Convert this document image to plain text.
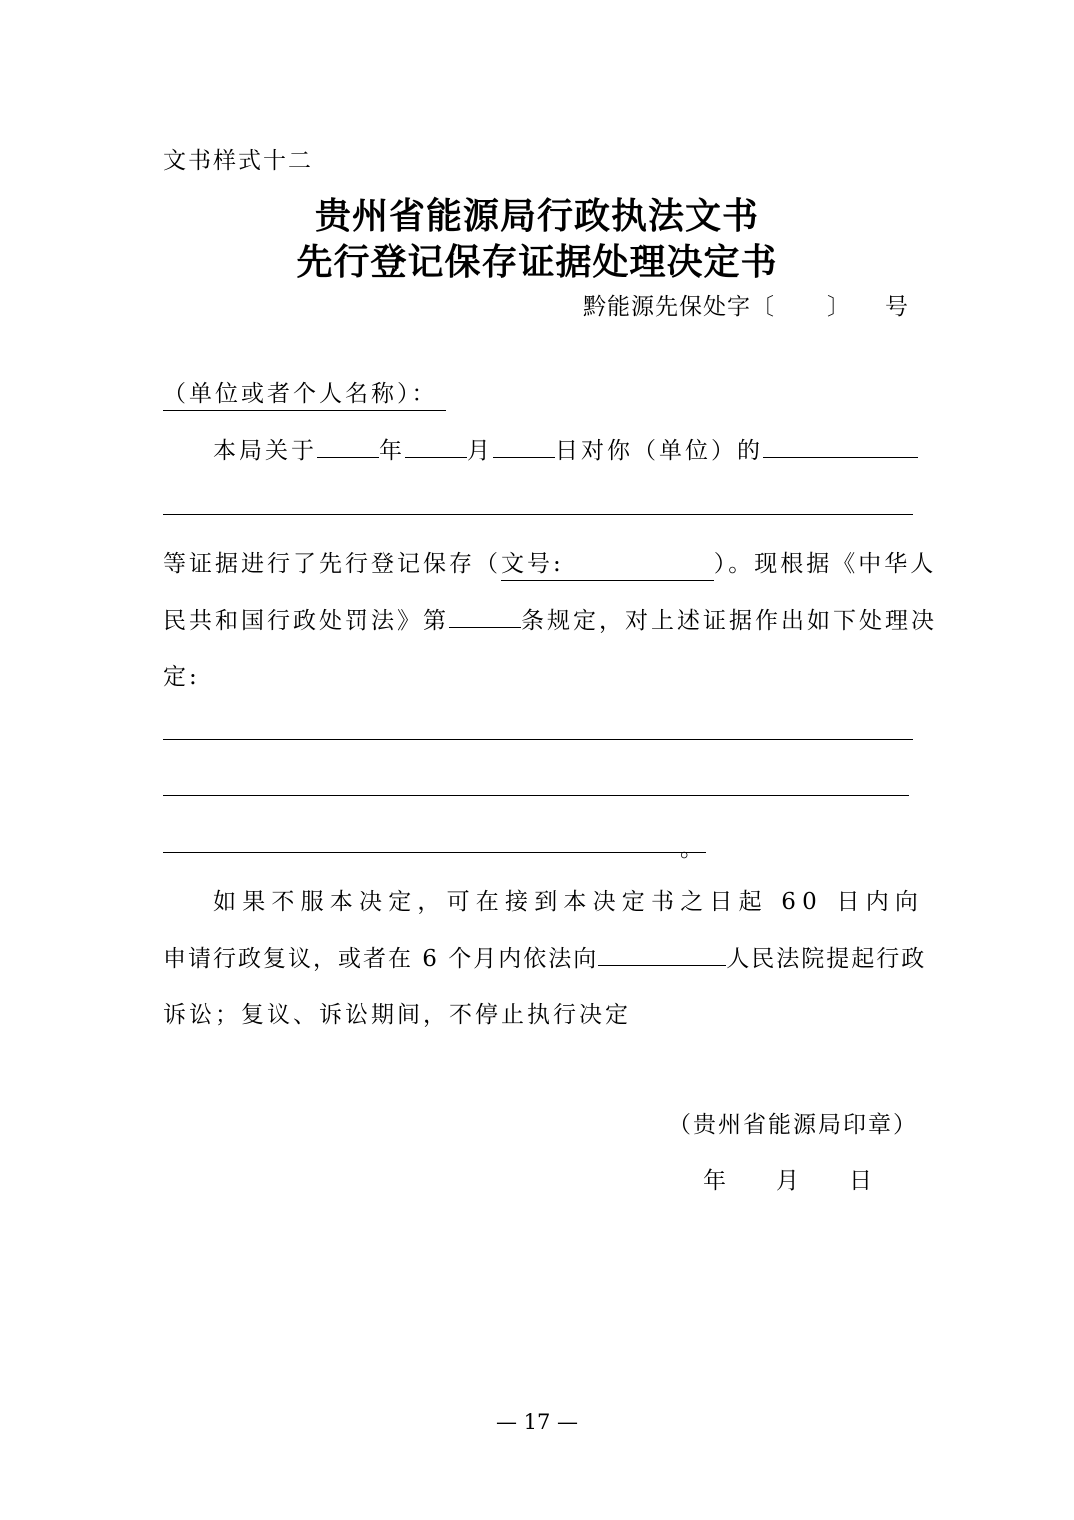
文书样式十二
贵州省能源局行政执法文书
先行登记保存证据处理决定书
黔能源先保处字〔 〕 号
（单位或者个人名称）：
本局关于	年	月	日对你（单位）的
等证据进行了先行登记保存（文号:	）。现根据《中华人
民共和国行政处罚法》第	条规定，对上述证据作出如下处理决
定:
。
如果不服本决定，可在接到本决定书之日起 60 日内向
申请行政复议，或者在 6 个月内依法向	人民法院提起行政
诉讼；复议、诉讼期间，不停止执行决定
（贵州省能源局印章）
年 月 日
— 17 —
